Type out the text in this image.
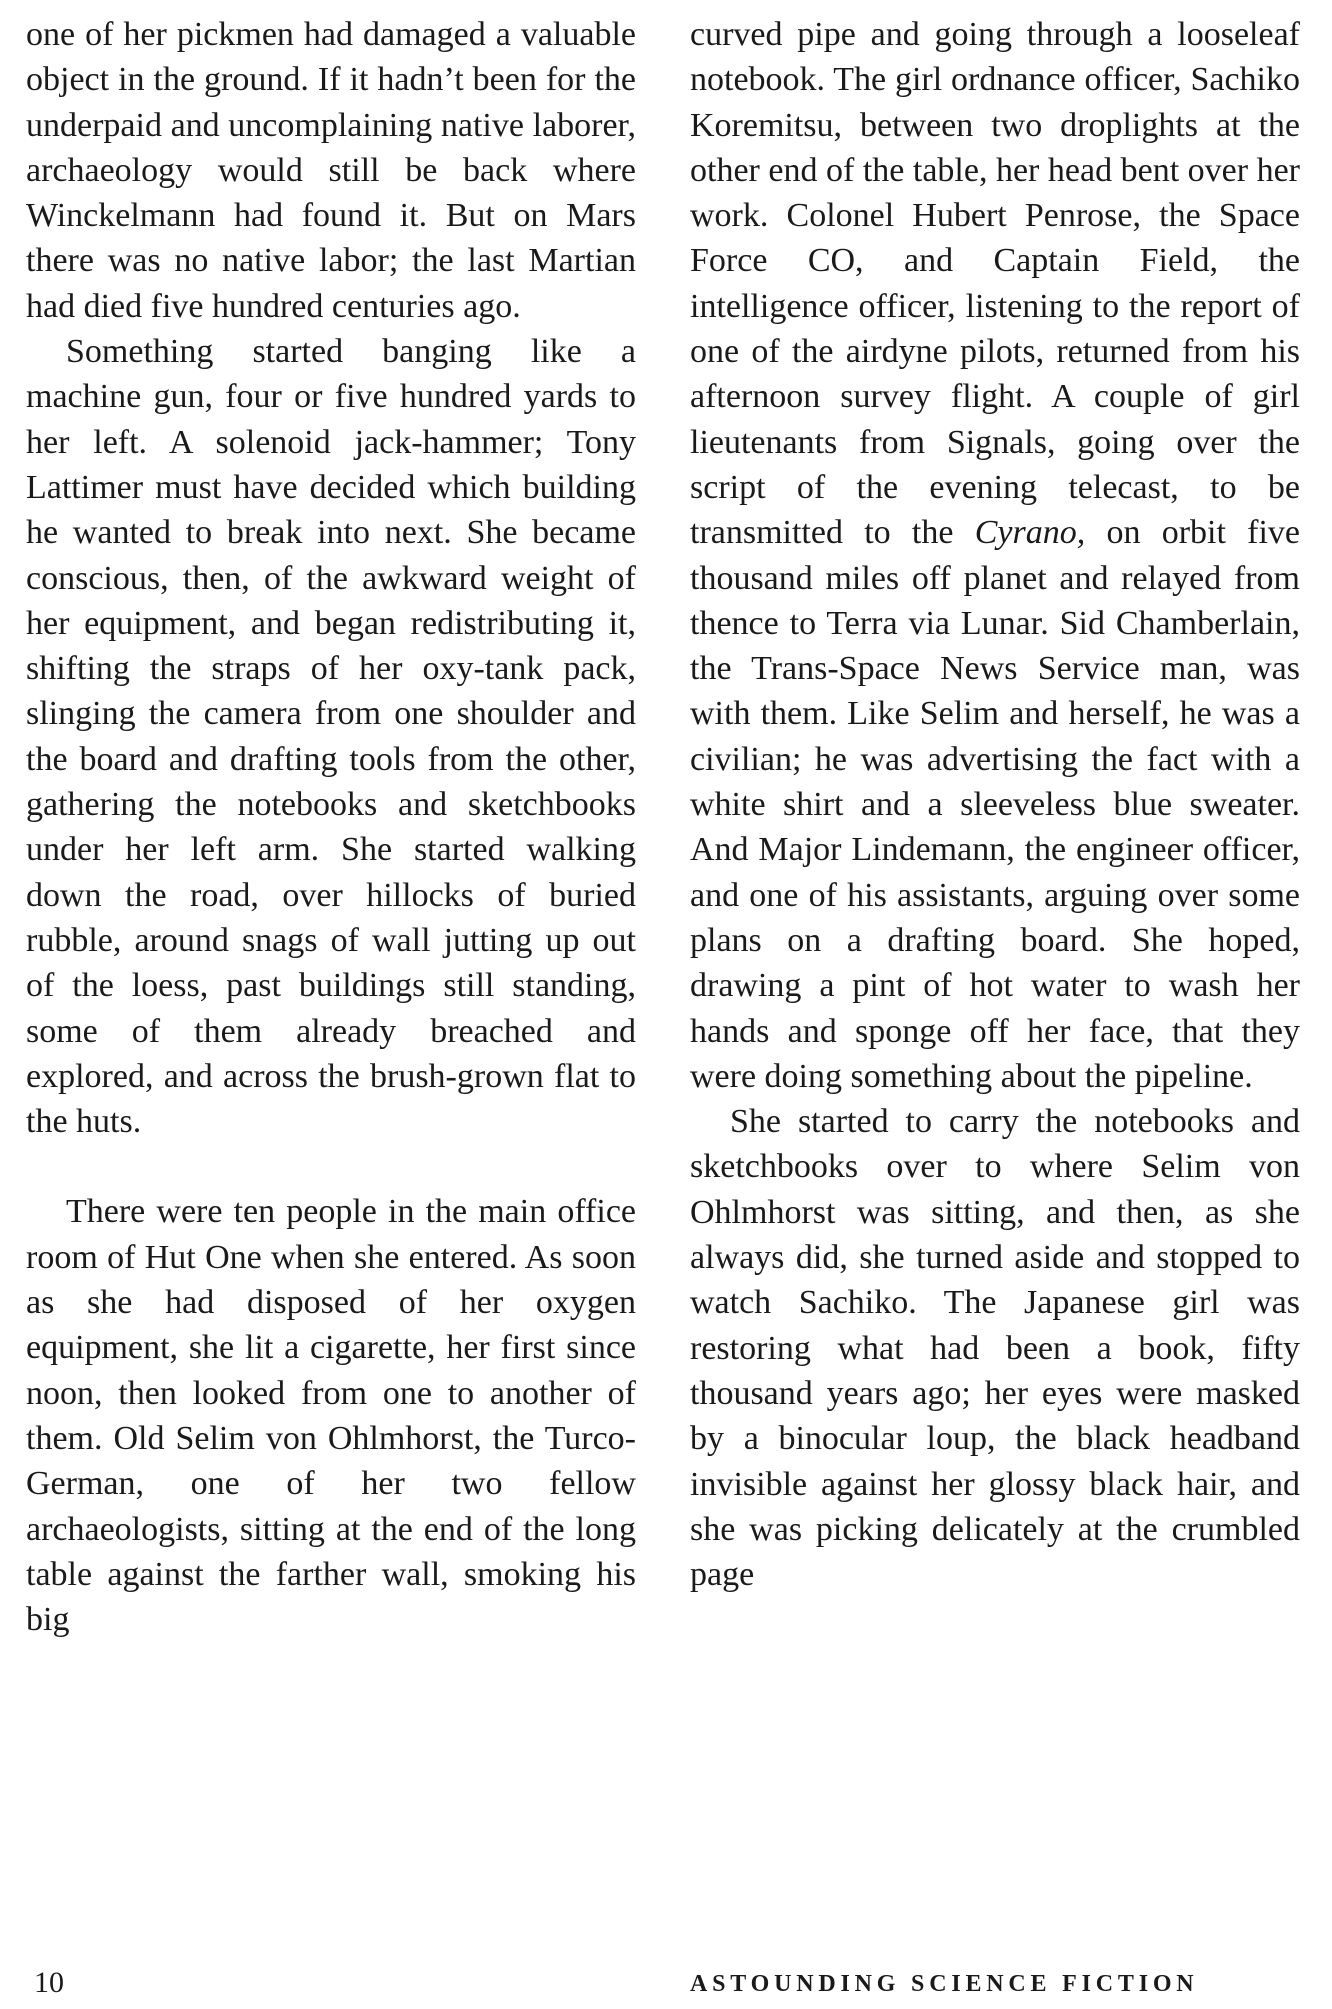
one of her pickmen had damaged a valuable object in the ground. If it hadn’t been for the underpaid and uncomplaining native laborer, archaeology would still be back where Winckelmann had found it. But on Mars there was no native labor; the last Martian had died five hundred centuries ago.

Something started banging like a machine gun, four or five hundred yards to her left. A solenoid jack-hammer; Tony Lattimer must have decided which building he wanted to break into next. She became conscious, then, of the awkward weight of her equipment, and began redistributing it, shifting the straps of her oxy-tank pack, slinging the camera from one shoulder and the board and drafting tools from the other, gathering the notebooks and sketchbooks under her left arm. She started walking down the road, over hillocks of buried rubble, around snags of wall jutting up out of the loess, past buildings still standing, some of them already breached and explored, and across the brush-grown flat to the huts.

There were ten people in the main office room of Hut One when she entered. As soon as she had disposed of her oxygen equipment, she lit a cigarette, her first since noon, then looked from one to another of them. Old Selim von Ohlmhorst, the Turco-German, one of her two fellow archaeologists, sitting at the end of the long table against the farther wall, smoking his big

curved pipe and going through a looseleaf notebook. The girl ordnance officer, Sachiko Koremitsu, between two droplights at the other end of the table, her head bent over her work. Colonel Hubert Penrose, the Space Force CO, and Captain Field, the intelligence officer, listening to the report of one of the airdyne pilots, returned from his afternoon survey flight. A couple of girl lieutenants from Signals, going over the script of the evening telecast, to be transmitted to the Cyrano, on orbit five thousand miles off planet and relayed from thence to Terra via Lunar. Sid Chamberlain, the Trans-Space News Service man, was with them. Like Selim and herself, he was a civilian; he was advertising the fact with a white shirt and a sleeveless blue sweater. And Major Lindemann, the engineer officer, and one of his assistants, arguing over some plans on a drafting board. She hoped, drawing a pint of hot water to wash her hands and sponge off her face, that they were doing something about the pipeline.

She started to carry the notebooks and sketchbooks over to where Selim von Ohlmhorst was sitting, and then, as she always did, she turned aside and stopped to watch Sachiko. The Japanese girl was restoring what had been a book, fifty thousand years ago; her eyes were masked by a binocular loup, the black headband invisible against her glossy black hair, and she was picking delicately at the crumbled page

10	ASTOUNDING SCIENCE FICTION
